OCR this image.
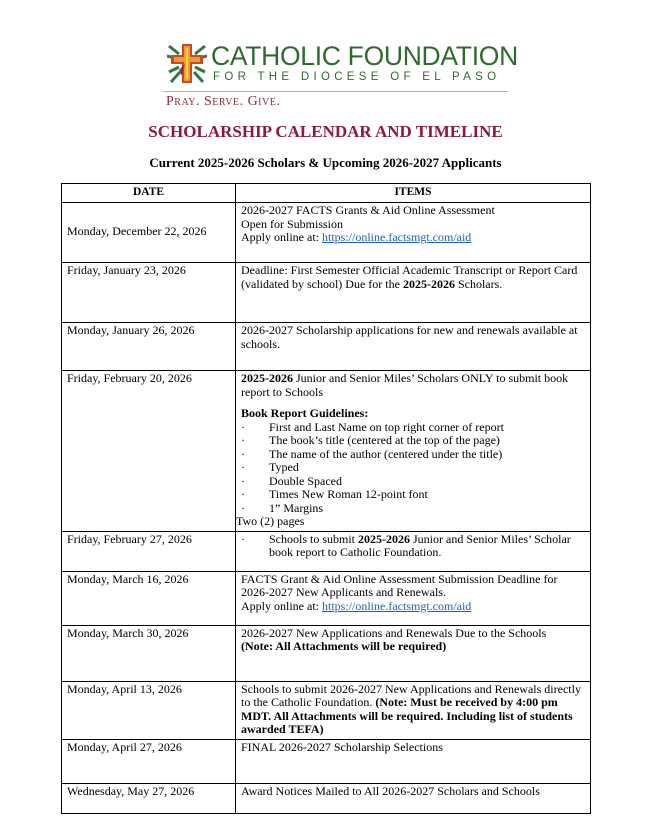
CATHOLIC FOUNDATION
FOR THE DIOCESE OF EL PASO
Pray. Serve. Give.
SCHOLARSHIP CALENDAR AND TIMELINE
Current 2025-2026 Scholars & Upcoming 2026-2027 Applicants
DATE	ITEMS
Monday, December 22, 2026	2026-2027 FACTS Grants & Aid Online Assessment
Open for Submission
Apply online at: https://online.factsmgt.com/aid

Friday, January 23, 2026	Deadline: First Semester Official Academic Transcript or Report Card (validated by school) Due for the 2025-2026 Scholars.
Monday, January 26, 2026	2026-2027 Scholarship applications for new and renewals available at schools.
Friday, February 20, 2026	2025-2026 Junior and Senior Miles’ Scholars ONLY to submit book report to Schools
Book Report Guidelines:
· First and Last Name on top right corner of report
· The book’s title (centered at the top of the page)
· The name of the author (centered under the title)
· Typed
· Double Spaced
· Times New Roman 12-point font
· 1” Margins
Two (2) pages

Friday, February 27, 2026	· Schools to submit 2025-2026 Junior and Senior Miles’ Scholar book report to Catholic Foundation.

Monday, March 16, 2026	FACTS Grant & Aid Online Assessment Submission Deadline for
2026-2027 New Applicants and Renewals.
Apply online at: https://online.factsmgt.com/aid

Monday, March 30, 2026	2026-2027 New Applications and Renewals Due to the Schools
(Note: All Attachments will be required)

Monday, April 13, 2026	Schools to submit 2026-2027 New Applications and Renewals directly to the Catholic Foundation. (Note: Must be received by 4:00 pm MDT. All Attachments will be required. Including list of students awarded TEFA)
Monday, April 27, 2026	FINAL 2026-2027 Scholarship Selections
Wednesday, May 27, 2026	Award Notices Mailed to All 2026-2027 Scholars and Schools
